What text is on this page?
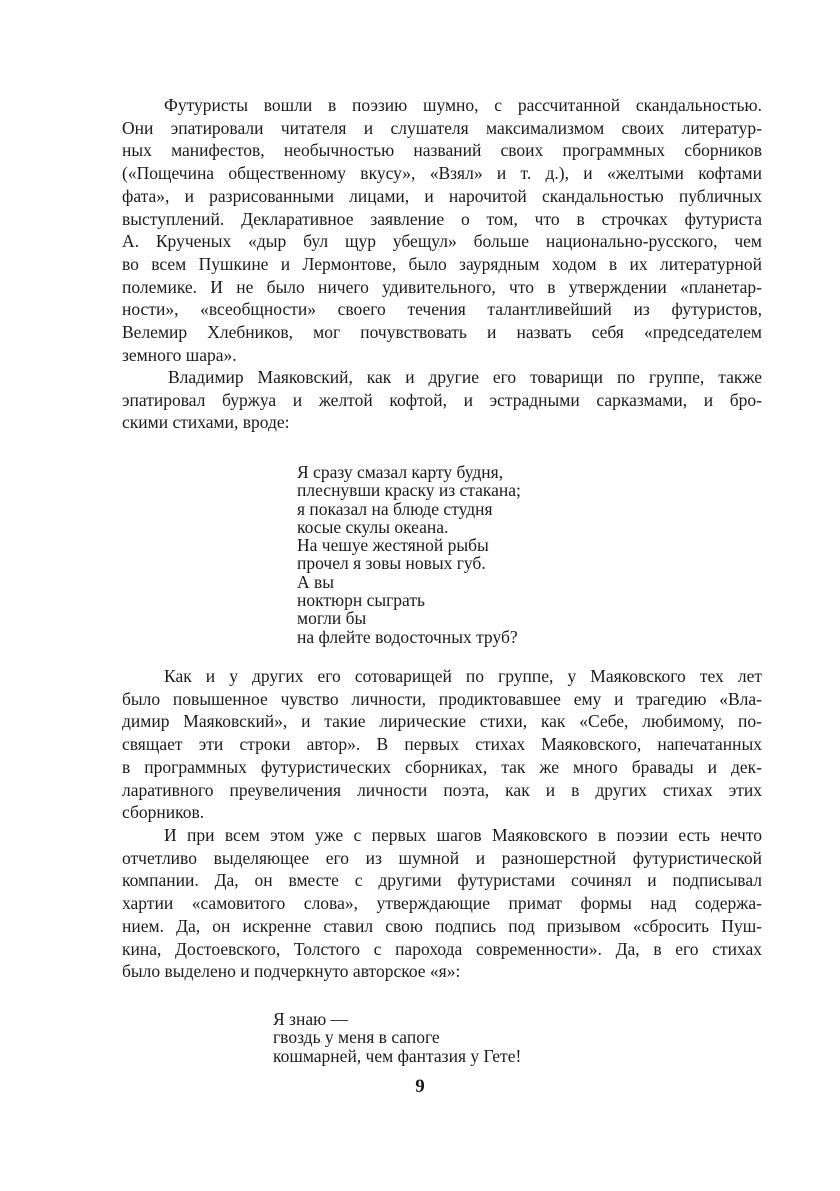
Футуристы вошли в поэзию шумно, с рассчитанной скандальностью.
Они эпатировали читателя и слушателя максимализмом своих литератур-
ных манифестов, необычностью названий своих программных сборников
(«Пощечина общественному вкусу», «Взял» и т. д.), и «желтыми кофтами
фата», и разрисованными лицами, и нарочитой скандальностью публичных
выступлений. Декларативное заявление о том, что в строчках футуриста
А. Крученых «дыр бул щур убещул» больше национально-русского, чем
во всем Пушкине и Лермонтове, было заурядным ходом в их литературной
полемике. И не было ничего удивительного, что в утверждении «планетар-
ности», «всеобщности» своего течения талантливейший из футуристов,
Велемир Хлебников, мог почувствовать и назвать себя «председателем
земного шара».
Владимир Маяковский, как и другие его товарищи по группе, также
эпатировал буржуа и желтой кофтой, и эстрадными сарказмами, и бро-
скими стихами, вроде:
Я сразу смазал карту будня,
плеснувши краску из стакана;
я показал на блюде студня
косые скулы океана.
На чешуе жестяной рыбы
прочел я зовы новых губ.
А вы
ноктюрн сыграть
могли бы
на флейте водосточных труб?
Как и у других его сотоварищей по группе, у Маяковского тех лет
было повышенное чувство личности, продиктовавшее ему и трагедию «Вла-
димир Маяковский», и такие лирические стихи, как «Себе, любимому, по-
свящает эти строки автор». В первых стихах Маяковского, напечатанных
в программных футуристических сборниках, так же много бравады и дек-
ларативного преувеличения личности поэта, как и в других стихах этих
сборников.
И при всем этом уже с первых шагов Маяковского в поэзии есть нечто
отчетливо выделяющее его из шумной и разношерстной футуристической
компании. Да, он вместе с другими футуристами сочинял и подписывал
хартии «самовитого слова», утверждающие примат формы над содержа-
нием. Да, он искренне ставил свою подпись под призывом «сбросить Пуш-
кина, Достоевского, Толстого с парохода современности». Да, в его стихах
было выделено и подчеркнуто авторское «я»:
Я знаю —
гвоздь у меня в сапоге
кошмарней, чем фантазия у Гете!
9
